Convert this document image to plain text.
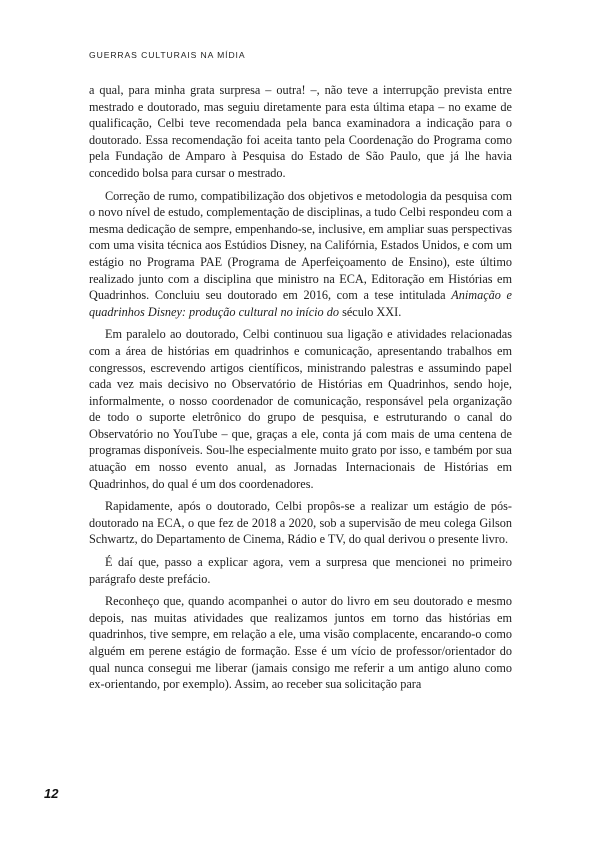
GUERRAS CULTURAIS NA MÍDIA

a qual, para minha grata surpresa – outra! –, não teve a interrupção prevista entre mestrado e doutorado, mas seguiu diretamente para esta última etapa – no exame de qualificação, Celbi teve recomendada pela banca examinadora a indicação para o doutorado. Essa recomendação foi aceita tanto pela Coordenação do Programa como pela Fundação de Amparo à Pesquisa do Estado de São Paulo, que já lhe havia concedido bolsa para cursar o mestrado.

Correção de rumo, compatibilização dos objetivos e metodologia da pesquisa com o novo nível de estudo, complementação de disciplinas, a tudo Celbi respondeu com a mesma dedicação de sempre, empenhando-se, inclusive, em ampliar suas perspectivas com uma visita técnica aos Estúdios Disney, na Califórnia, Estados Unidos, e com um estágio no Programa PAE (Programa de Aperfeiçoamento de Ensino), este último realizado junto com a disciplina que ministro na ECA, Editoração em Histórias em Quadrinhos. Concluiu seu doutorado em 2016, com a tese intitulada Animação e quadrinhos Disney: produção cultural no início do século XXI.

Em paralelo ao doutorado, Celbi continuou sua ligação e atividades relacionadas com a área de histórias em quadrinhos e comunicação, apresentando trabalhos em congressos, escrevendo artigos científicos, ministrando palestras e assumindo papel cada vez mais decisivo no Observatório de Histórias em Quadrinhos, sendo hoje, informalmente, o nosso coordenador de comunicação, responsável pela organização de todo o suporte eletrônico do grupo de pesquisa, e estruturando o canal do Observatório no YouTube – que, graças a ele, conta já com mais de uma centena de programas disponíveis. Sou-lhe especialmente muito grato por isso, e também por sua atuação em nosso evento anual, as Jornadas Internacionais de Histórias em Quadrinhos, do qual é um dos coordenadores.

Rapidamente, após o doutorado, Celbi propôs-se a realizar um estágio de pós-doutorado na ECA, o que fez de 2018 a 2020, sob a supervisão de meu colega Gilson Schwartz, do Departamento de Cinema, Rádio e TV, do qual derivou o presente livro.

É daí que, passo a explicar agora, vem a surpresa que mencionei no primeiro parágrafo deste prefácio.

Reconheço que, quando acompanhei o autor do livro em seu doutorado e mesmo depois, nas muitas atividades que realizamos juntos em torno das histórias em quadrinhos, tive sempre, em relação a ele, uma visão complacente, encarando-o como alguém em perene estágio de formação. Esse é um vício de professor/orientador do qual nunca consegui me liberar (jamais consigo me referir a um antigo aluno como ex-orientando, por exemplo). Assim, ao receber sua solicitação para

12
